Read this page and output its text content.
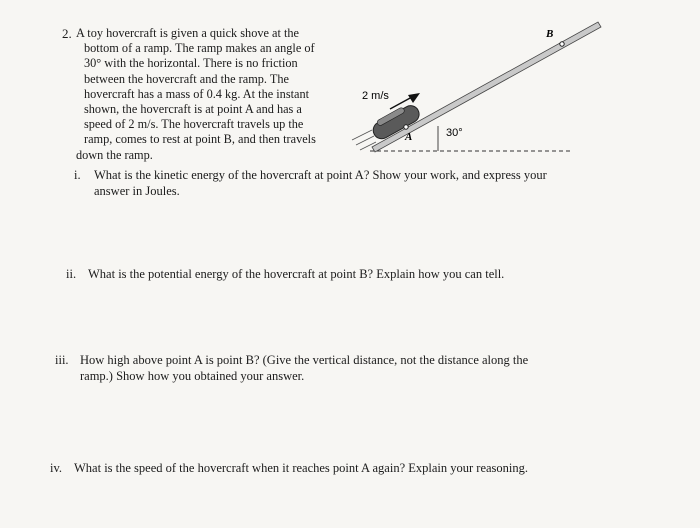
2. A toy hovercraft is given a quick shove at the
bottom of a ramp. The ramp makes an angle of
30° with the horizontal. There is no friction
between the hovercraft and the ramp. The
hovercraft has a mass of 0.4 kg. At the instant
shown, the hovercraft is at point A and has a
speed of 2 m/s. The hovercraft travels up the
ramp, comes to rest at point B, and then travels
down the ramp.
A
B
2 m/s
30°
i. What is the kinetic energy of the hovercraft at point A? Show your work, and express your
answer in Joules.
ii. What is the potential energy of the hovercraft at point B? Explain how you can tell.
iii. How high above point A is point B? (Give the vertical distance, not the distance along the
ramp.) Show how you obtained your answer.
iv. What is the speed of the hovercraft when it reaches point A again? Explain your reasoning.
